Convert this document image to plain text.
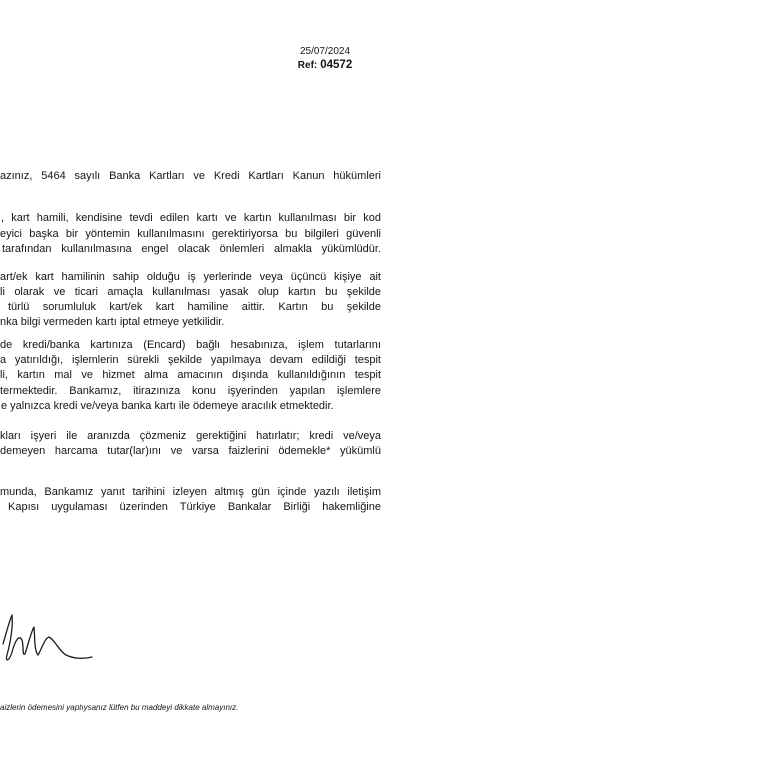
25/07/2024
Ref: 04572
azınız, 5464 sayılı Banka Kartları ve Kredi Kartları Kanun hükümleri
, kart hamili, kendisine tevdi edilen kartı ve kartın kullanılması bir kod
eyici başka bir yöntemin kullanılmasını gerektiriyorsa bu bilgileri güvenli
tarafından kullanılmasına engel olacak önlemleri almakla yükümlüdür.
art/ek kart hamilinin sahip olduğu iş yerlerinde veya üçüncü kişiye ait
li olarak ve ticari amaçla kullanılması yasak olup kartın bu şekilde
türlü sorumluluk kart/ek kart hamiline aittir. Kartın bu şekilde
nka bilgi vermeden kartı iptal etmeye yetkilidir.
de kredi/banka kartınıza (Encard) bağlı hesabınıza, işlem tutarlarını
a yatırıldığı, işlemlerin sürekli şekilde yapılmaya devam edildiği tespit
li, kartın mal ve hizmet alma amacının dışında kullanıldığının tespit
termektedir. Bankamız, itirazınıza konu işyerinden yapılan işlemlere
e yalnızca kredi ve/veya banka kartı ile ödemeye aracılık etmektedir.
kları işyeri ile aranızda çözmeniz gerektiğini hatırlatır; kredi ve/veya
demeyen harcama tutar(lar)ını ve varsa faizlerini ödemekle* yükümlü
munda, Bankamız yanıt tarihini izleyen altmış gün içinde yazılı iletişim
Kapısı uygulaması üzerinden Türkiye Bankalar Birliği hakemliğine
aizlerin ödemesini yaptıysanız lütfen bu maddeyi dikkate almayınız.
